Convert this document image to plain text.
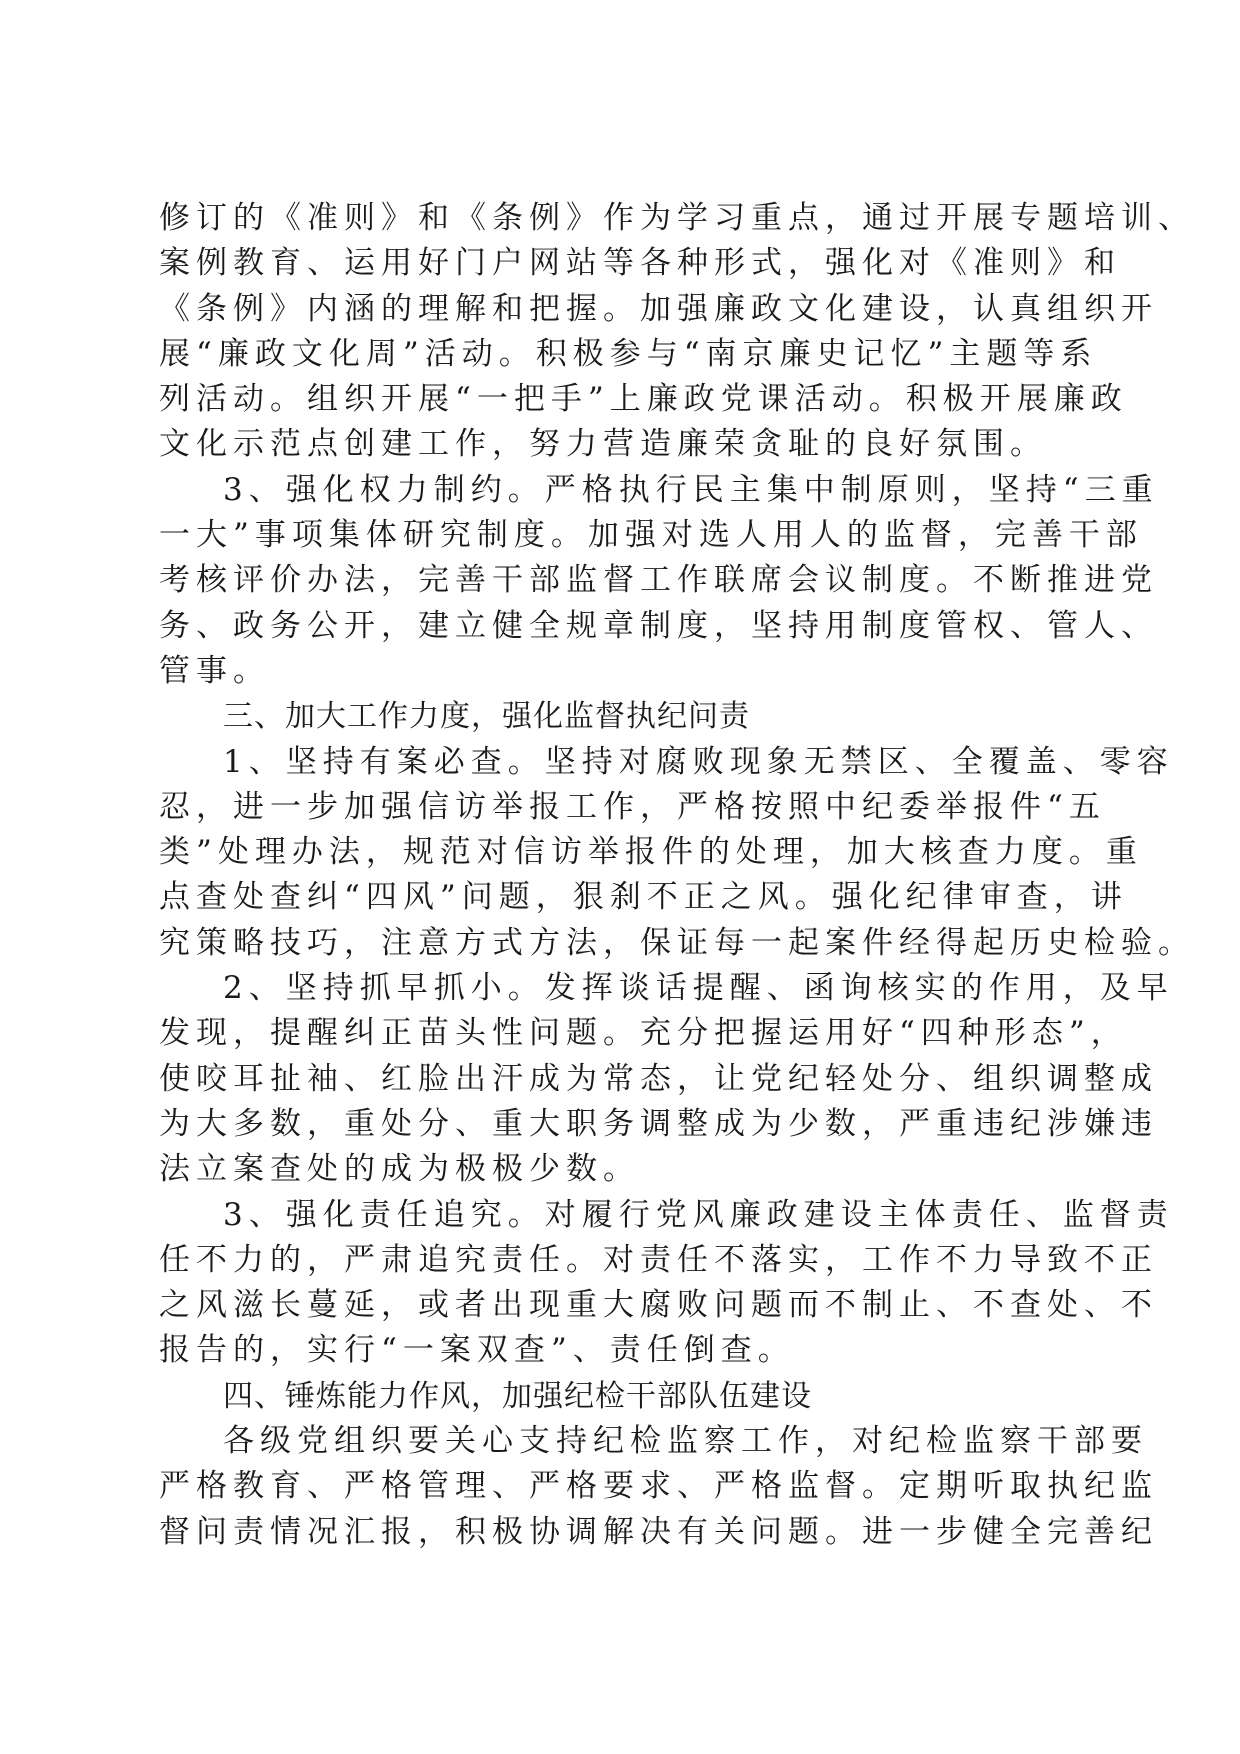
修订的《准则》和《条例》作为学习重点，通过开展专题培训、
案例教育、运用好门户网站等各种形式，强化对《准则》和
《条例》内涵的理解和把握。加强廉政文化建设，认真组织开
展“廉政文化周”活动。积极参与“南京廉史记忆”主题等系
列活动。组织开展“一把手”上廉政党课活动。积极开展廉政
文化示范点创建工作，努力营造廉荣贪耻的良好氛围。
3、强化权力制约。严格执行民主集中制原则，坚持“三重
一大”事项集体研究制度。加强对选人用人的监督，完善干部
考核评价办法，完善干部监督工作联席会议制度。不断推进党
务、政务公开，建立健全规章制度，坚持用制度管权、管人、
管事。
三、加大工作力度，强化监督执纪问责
1、坚持有案必查。坚持对腐败现象无禁区、全覆盖、零容
忍，进一步加强信访举报工作，严格按照中纪委举报件“五
类”处理办法，规范对信访举报件的处理，加大核查力度。重
点查处查纠“四风”问题，狠刹不正之风。强化纪律审查，讲
究策略技巧，注意方式方法，保证每一起案件经得起历史检验。
2、坚持抓早抓小。发挥谈话提醒、函询核实的作用，及早
发现，提醒纠正苗头性问题。充分把握运用好“四种形态”，
使咬耳扯袖、红脸出汗成为常态，让党纪轻处分、组织调整成
为大多数，重处分、重大职务调整成为少数，严重违纪涉嫌违
法立案查处的成为极极少数。
3、强化责任追究。对履行党风廉政建设主体责任、监督责
任不力的，严肃追究责任。对责任不落实，工作不力导致不正
之风滋长蔓延，或者出现重大腐败问题而不制止、不查处、不
报告的，实行“一案双查”、责任倒查。
四、锤炼能力作风，加强纪检干部队伍建设
各级党组织要关心支持纪检监察工作，对纪检监察干部要
严格教育、严格管理、严格要求、严格监督。定期听取执纪监
督问责情况汇报，积极协调解决有关问题。进一步健全完善纪
